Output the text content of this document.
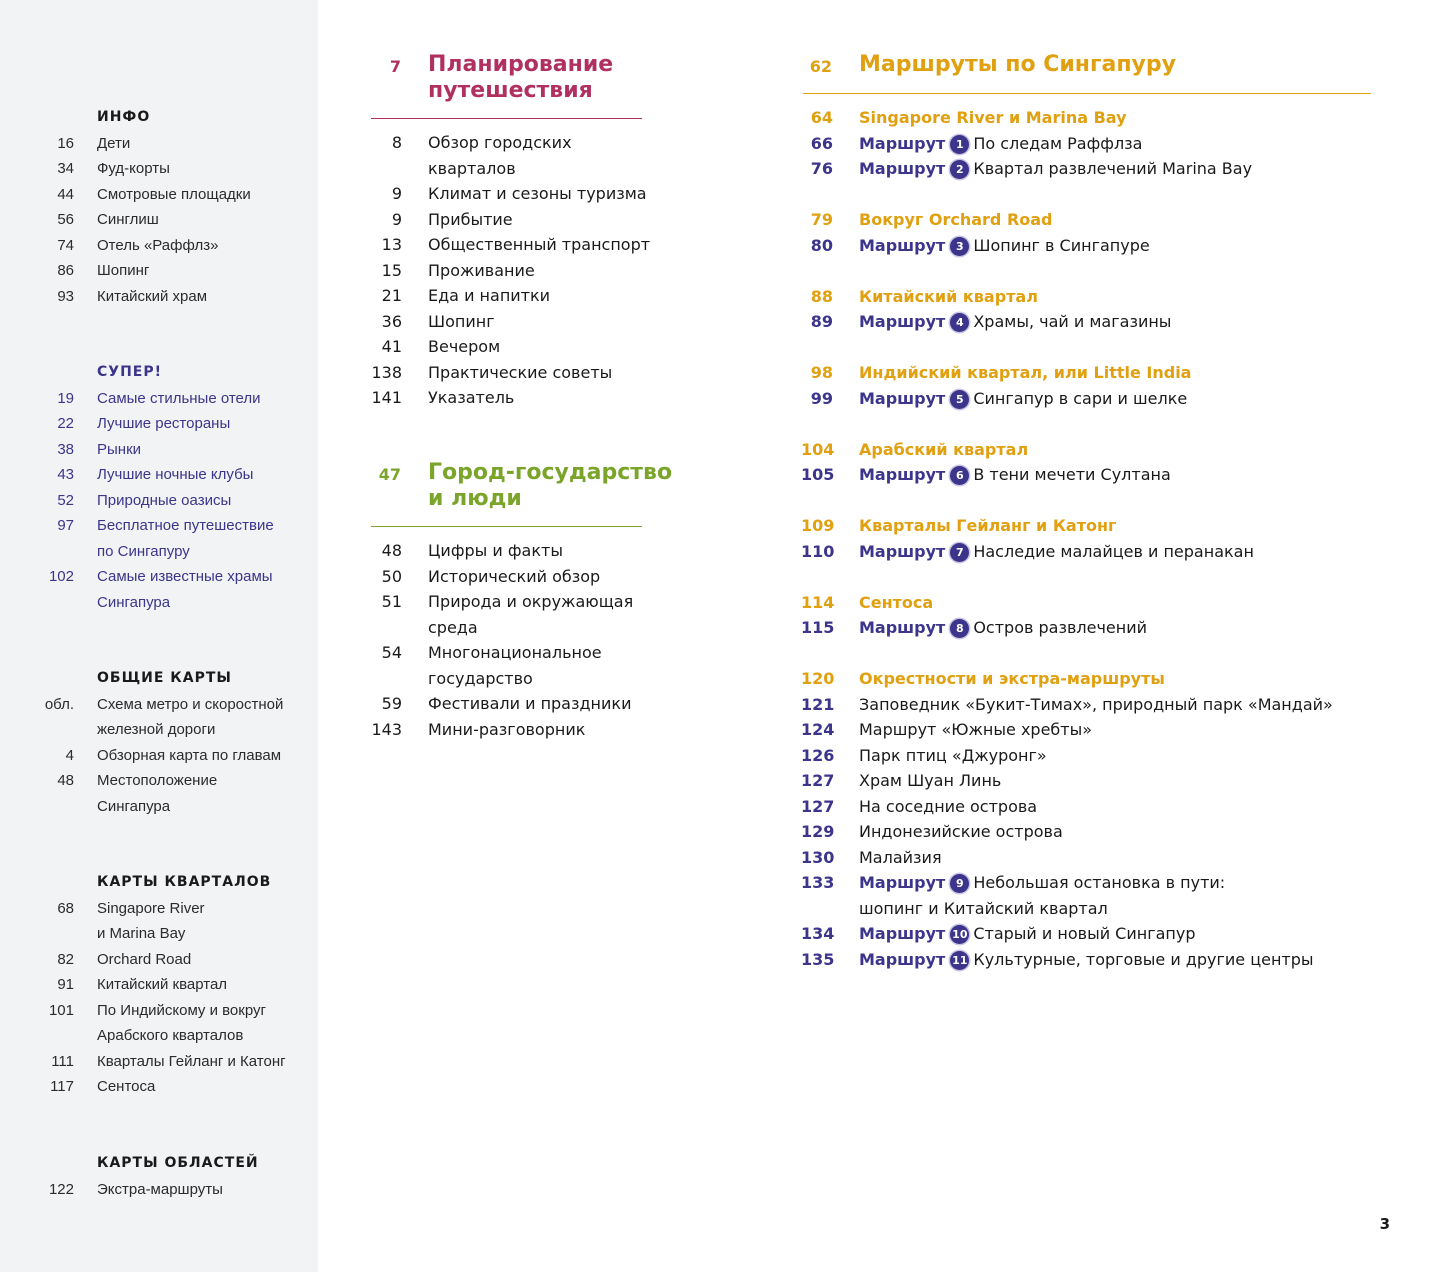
ИНФО
16 Дети
34 Фуд-корты
44 Смотровые площадки
56 Синглиш
74 Отель «Раффлз»
86 Шопинг
93 Китайский храм
СУПЕР!
19 Самые стильные отели
22 Лучшие рестораны
38 Рынки
43 Лучшие ночные клубы
52 Природные оазисы
97 Бесплатное путешествие
по Сингапуру
102 Самые известные храмы
Сингапура
ОБЩИЕ КАРТЫ
обл. Схема метро и скоростной
железной дороги
4 Обзорная карта по главам
48 Местоположение
Сингапура
КАРТЫ КВАРТАЛОВ
68 Singapore River
и Marina Bay
82 Orchard Road
91 Китайский квартал
101 По Индийскому и вокруг
Арабского кварталов
111 Кварталы Гейланг и Катонг
117 Сентоса
КАРТЫ ОБЛАСТЕЙ
122 Экстра-маршруты
7 Планирование
путешествия
8 Обзор городских
кварталов
9 Климат и сезоны туризма
9 Прибытие
13 Общественный транспорт
15 Проживание
21 Еда и напитки
36 Шопинг
41 Вечером
138 Практические советы
141 Указатель
47 Город-государство
и люди
48 Цифры и факты
50 Исторический обзор
51 Природа и окружающая
среда
54 Многонациональное
государство
59 Фестивали и праздники
143 Мини-разговорник
62 Маршруты по Сингапуру
64 Singapore River и Marina Bay
66 Маршрут 1 По следам Раффлза
76 Маршрут 2 Квартал развлечений Marina Bay
79 Вокруг Orchard Road
80 Маршрут 3 Шопинг в Сингапуре
88 Китайский квартал
89 Маршрут 4 Храмы, чай и магазины
98 Индийский квартал, или Little India
99 Маршрут 5 Сингапур в сари и шелке
104 Арабский квартал
105 Маршрут 6 В тени мечети Султана
109 Кварталы Гейланг и Катонг
110 Маршрут 7 Наследие малайцев и перанакан
114 Сентоса
115 Маршрут 8 Остров развлечений
120 Окрестности и экстра-маршруты
121 Заповедник «Букит-Тимах», природный парк «Мандай»
124 Маршрут «Южные хребты»
126 Парк птиц «Джуронг»
127 Храм Шуан Линь
127 На соседние острова
129 Индонезийские острова
130 Малайзия
133 Маршрут 9 Небольшая остановка в пути:
шопинг и Китайский квартал
134 Маршрут 10 Старый и новый Сингапур
135 Маршрут 11 Культурные, торговые и другие центры
3
